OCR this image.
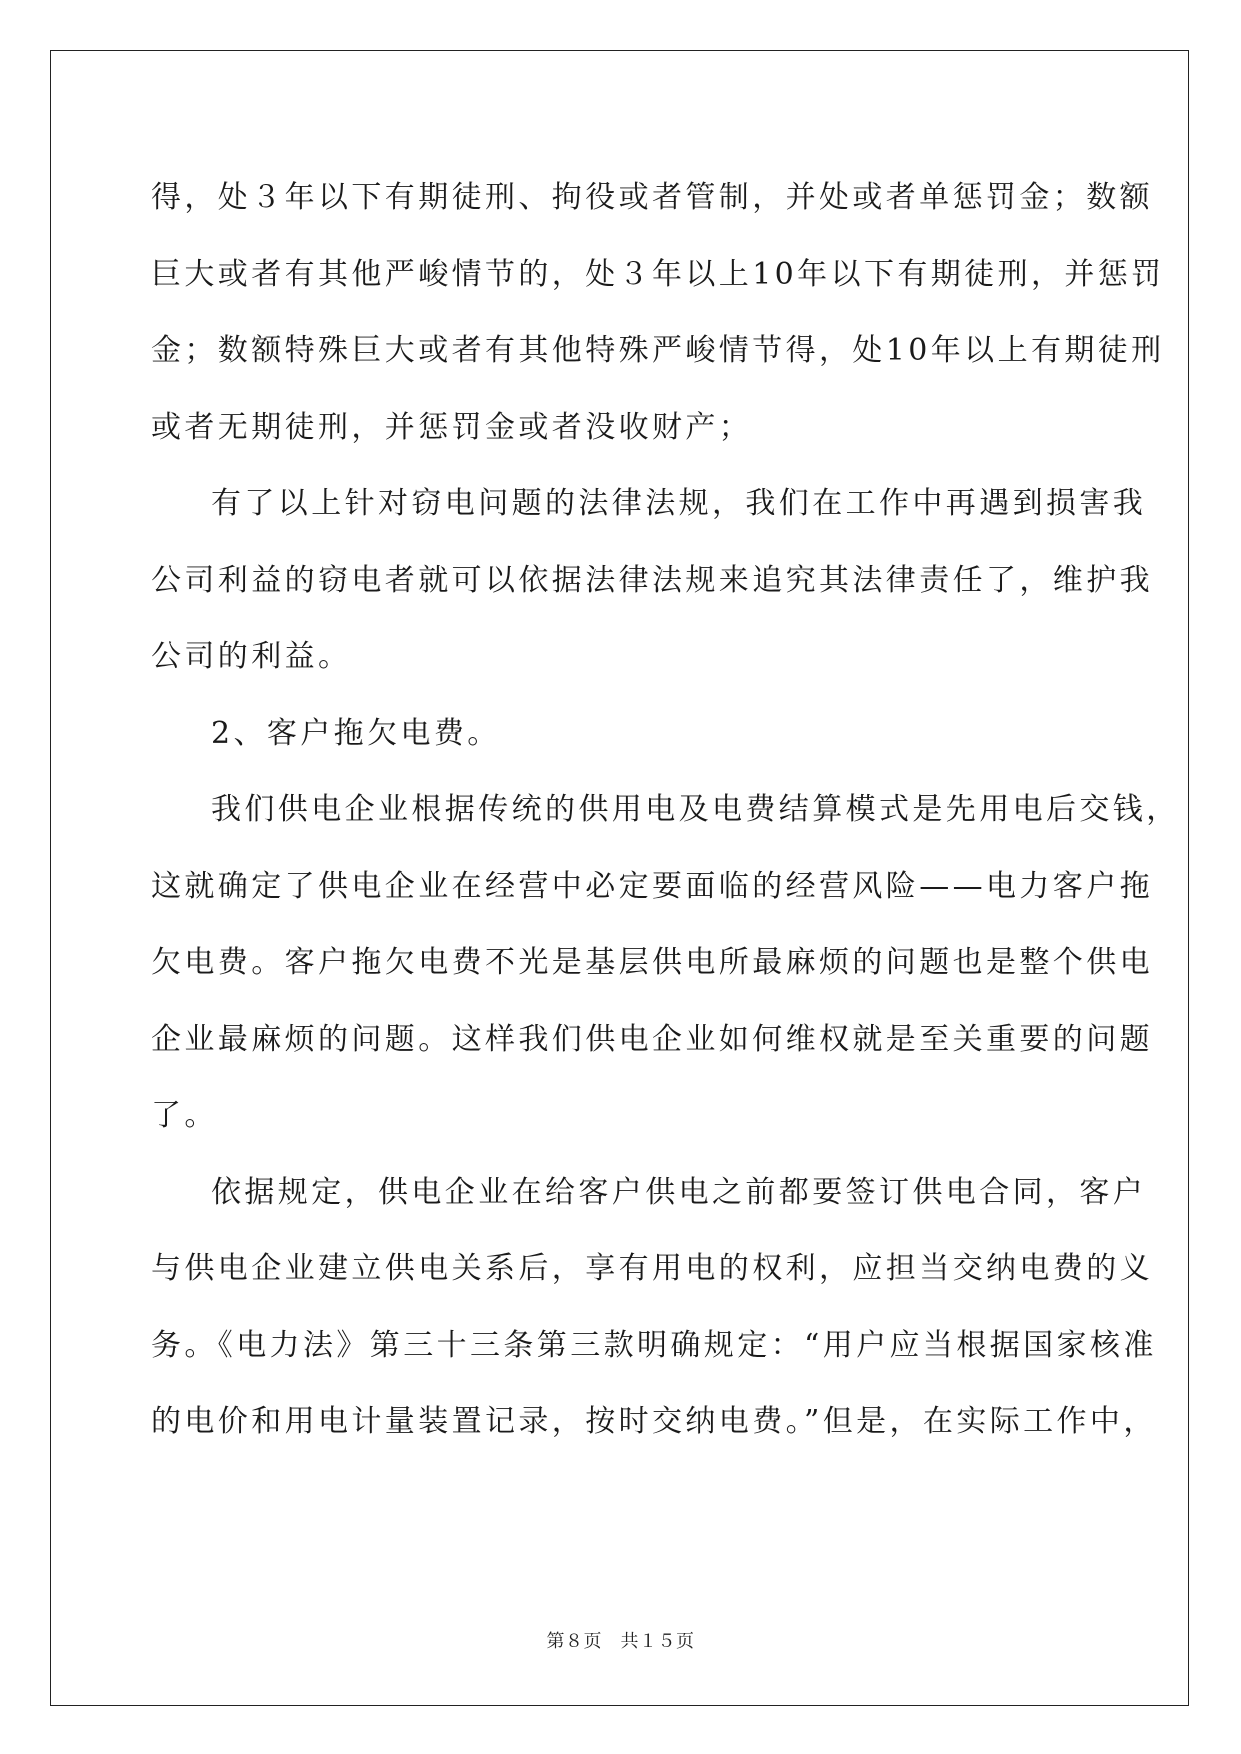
得，处３年以下有期徒刑、拘役或者管制，并处或者单惩罚金；数额
巨大或者有其他严峻情节的，处３年以上10年以下有期徒刑，并惩罚
金；数额特殊巨大或者有其他特殊严峻情节得，处10年以上有期徒刑
或者无期徒刑，并惩罚金或者没收财产；
有了以上针对窃电问题的法律法规，我们在工作中再遇到损害我
公司利益的窃电者就可以依据法律法规来追究其法律责任了，维护我
公司的利益。
2、客户拖欠电费。
我们供电企业根据传统的供用电及电费结算模式是先用电后交钱，
这就确定了供电企业在经营中必定要面临的经营风险——电力客户拖
欠电费。客户拖欠电费不光是基层供电所最麻烦的问题也是整个供电
企业最麻烦的问题。这样我们供电企业如何维权就是至关重要的问题
了。
依据规定，供电企业在给客户供电之前都要签订供电合同，客户
与供电企业建立供电关系后，享有用电的权利，应担当交纳电费的义
务。《电力法》第三十三条第三款明确规定：“用户应当根据国家核准
的电价和用电计量装置记录，按时交纳电费。”但是，在实际工作中，
第８页　共１５页
